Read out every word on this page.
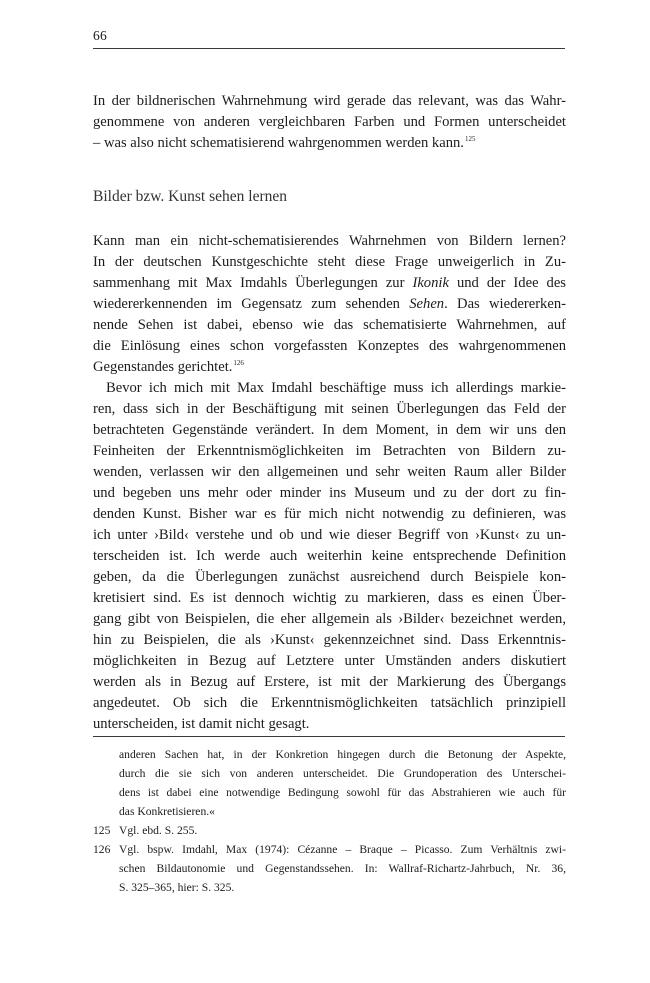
66
In der bildnerischen Wahrnehmung wird gerade das relevant, was das Wahr-
genommene von anderen vergleichbaren Farben und Formen unterscheidet
– was also nicht schematisierend wahrgenommen werden kann.$^{125}$
Bilder bzw. Kunst sehen lernen
Kann man ein nicht-schematisierendes Wahrnehmen von Bildern lernen?
In der deutschen Kunstgeschichte steht diese Frage unweigerlich in Zu-
sammenhang mit Max Imdahls Überlegungen zur Ikonik und der Idee des
wiedererkennenden im Gegensatz zum sehenden Sehen. Das wiedererken-
nende Sehen ist dabei, ebenso wie das schematisierte Wahrnehmen, auf
die Einlösung eines schon vorgefassten Konzeptes des wahrgenommenen
Gegenstandes gerichtet.$^{126}$
Bevor ich mich mit Max Imdahl beschäftige muss ich allerdings markie-
ren, dass sich in der Beschäftigung mit seinen Überlegungen das Feld der
betrachteten Gegenstände verändert. In dem Moment, in dem wir uns den
Feinheiten der Erkenntnismöglichkeiten im Betrachten von Bildern zu-
wenden, verlassen wir den allgemeinen und sehr weiten Raum aller Bilder
und begeben uns mehr oder minder ins Museum und zu der dort zu fin-
denden Kunst. Bisher war es für mich nicht notwendig zu definieren, was
ich unter ›Bild‹ verstehe und ob und wie dieser Begriff von ›Kunst‹ zu un-
terscheiden ist. Ich werde auch weiterhin keine entsprechende Definition
geben, da die Überlegungen zunächst ausreichend durch Beispiele kon-
kretisiert sind. Es ist dennoch wichtig zu markieren, dass es einen Über-
gang gibt von Beispielen, die eher allgemein als ›Bilder‹ bezeichnet werden,
hin zu Beispielen, die als ›Kunst‹ gekennzeichnet sind. Dass Erkenntnis-
möglichkeiten in Bezug auf Letztere unter Umständen anders diskutiert
werden als in Bezug auf Erstere, ist mit der Markierung des Übergangs
angedeutet. Ob sich die Erkenntnismöglichkeiten tatsächlich prinzipiell
unterscheiden, ist damit nicht gesagt.
anderen Sachen hat, in der Konkretion hingegen durch die Betonung der Aspekte,
durch die sie sich von anderen unterscheidet. Die Grundoperation des Unterschei-
dens ist dabei eine notwendige Bedingung sowohl für das Abstrahieren wie auch für
das Konkretisieren.«
125 Vgl. ebd. S. 255.
126 Vgl. bspw. Imdahl, Max (1974): Cézanne – Braque – Picasso. Zum Verhältnis zwi-
schen Bildautonomie und Gegenstandssehen. In: Wallraf-Richartz-Jahrbuch, Nr. 36,
S. 325–365, hier: S. 325.
